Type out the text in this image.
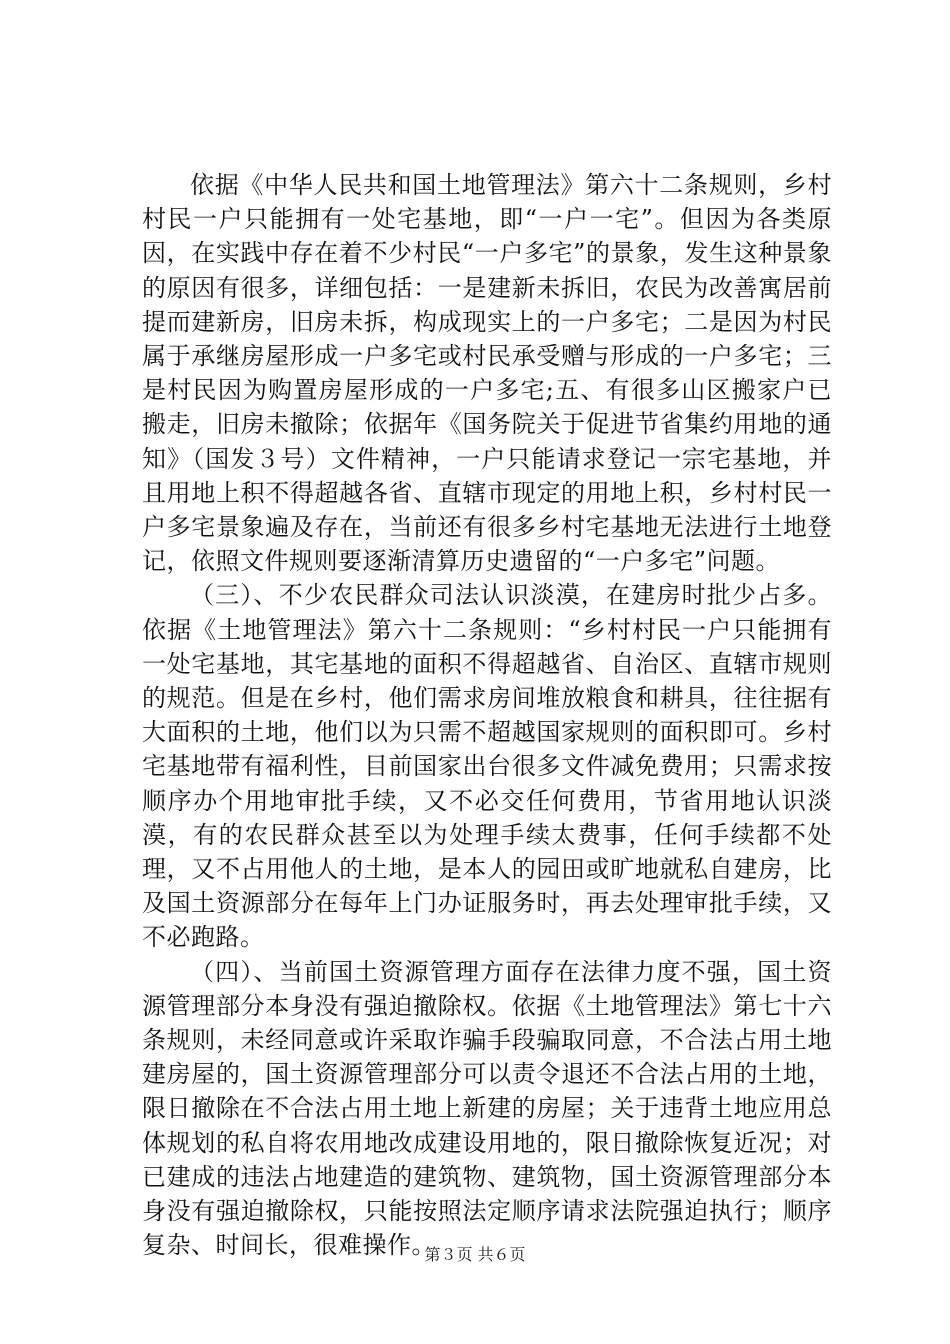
依据《中华人民共和国土地管理法》第六十二条规则，乡村村民一户只能拥有一处宅基地，即“一户一宅”。但因为各类原因，在实践中存在着不少村民“一户多宅”的景象，发生这种景象的原因有很多，详细包括：一是建新未拆旧，农民为改善寓居前提而建新房，旧房未拆，构成现实上的一户多宅；二是因为村民属于承继房屋形成一户多宅或村民承受赠与形成的一户多宅；三是村民因为购置房屋形成的一户多宅;五、有很多山区搬家户已搬走，旧房未撤除；依据年《国务院关于促进节省集约用地的通知》（国发３号）文件精神，一户只能请求登记一宗宅基地，并且用地上积不得超越各省、直辖市现定的用地上积，乡村村民一户多宅景象遍及存在，当前还有很多乡村宅基地无法进行土地登记，依照文件规则要逐渐清算历史遗留的“一户多宅”问题。

（三）、不少农民群众司法认识淡漠，在建房时批少占多。依据《土地管理法》第六十二条规则：“乡村村民一户只能拥有一处宅基地，其宅基地的面积不得超越省、自治区、直辖市规则的规范。但是在乡村，他们需求房间堆放粮食和耕具，往往据有大面积的土地，他们以为只需不超越国家规则的面积即可。乡村宅基地带有福利性，目前国家出台很多文件减免费用；只需求按顺序办个用地审批手续，又不必交任何费用，节省用地认识淡漠，有的农民群众甚至以为处理手续太费事，任何手续都不处理，又不占用他人的土地，是本人的园田或旷地就私自建房，比及国土资源部分在每年上门办证服务时，再去处理审批手续，又不必跑路。

（四）、当前国土资源管理方面存在法律力度不强，国土资源管理部分本身没有强迫撤除权。依据《土地管理法》第七十六条规则，未经同意或许采取诈骗手段骗取同意，不合法占用土地建房屋的，国土资源管理部分可以责令退还不合法占用的土地，限日撤除在不合法占用土地上新建的房屋；关于违背土地应用总体规划的私自将农用地改成建设用地的，限日撤除恢复近况；对已建成的违法占地建造的建筑物、建筑物，国土资源管理部分本身没有强迫撤除权，只能按照法定顺序请求法院强迫执行；顺序复杂、时间长，很难操作。

第３页 共６页
